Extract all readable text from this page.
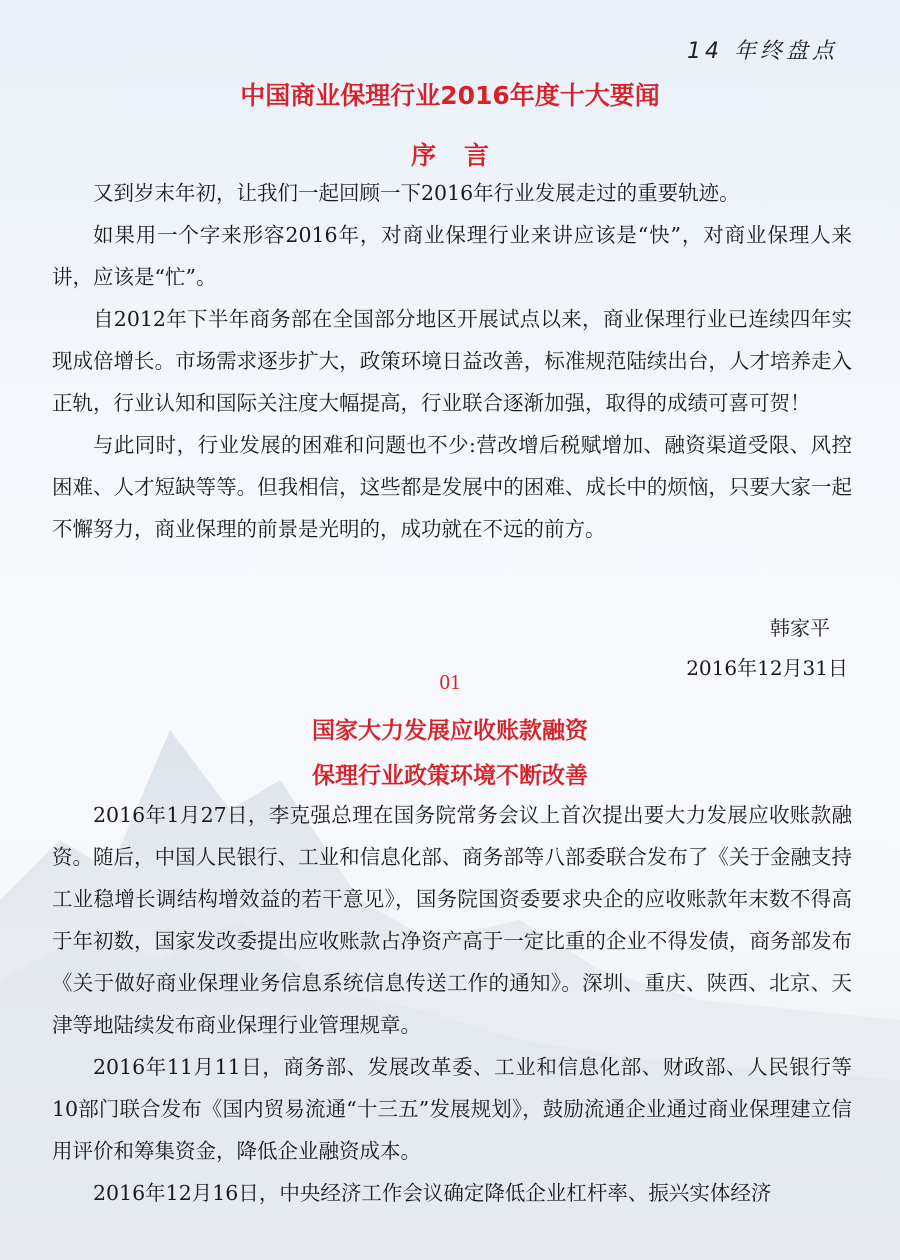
14 年终盘点
中国商业保理行业2016年度十大要闻
序言

又到岁末年初，让我们一起回顾一下2016年行业发展走过的重要轨迹。

如果用一个字来形容2016年，对商业保理行业来讲应该是“快”，对商业保理人来讲，应该是“忙”。

自2012年下半年商务部在全国部分地区开展试点以来，商业保理行业已连续四年实现成倍增长。市场需求逐步扩大，政策环境日益改善，标准规范陆续出台，人才培养走入正轨，行业认知和国际关注度大幅提高，行业联合逐渐加强，取得的成绩可喜可贺！

与此同时，行业发展的困难和问题也不少:营改增后税赋增加、融资渠道受限、风控困难、人才短缺等等。但我相信，这些都是发展中的困难、成长中的烦恼，只要大家一起不懈努力，商业保理的前景是光明的，成功就在不远的前方。

韩家平
2016年12月31日
01
国家大力发展应收账款融资
保理行业政策环境不断改善

2016年1月27日，李克强总理在国务院常务会议上首次提出要大力发展应收账款融资。随后，中国人民银行、工业和信息化部、商务部等八部委联合发布了《关于金融支持工业稳增长调结构增效益的若干意见》，国务院国资委要求央企的应收账款年末数不得高于年初数，国家发改委提出应收账款占净资产高于一定比重的企业不得发债，商务部发布《关于做好商业保理业务信息系统信息传送工作的通知》。深圳、重庆、陕西、北京、天津等地陆续发布商业保理行业管理规章。

2016年11月11日，商务部、发展改革委、工业和信息化部、财政部、人民银行等10部门联合发布《国内贸易流通“十三五”发展规划》，鼓励流通企业通过商业保理建立信用评价和筹集资金，降低企业融资成本。

2016年12月16日，中央经济工作会议确定降低企业杠杆率、振兴实体经济
